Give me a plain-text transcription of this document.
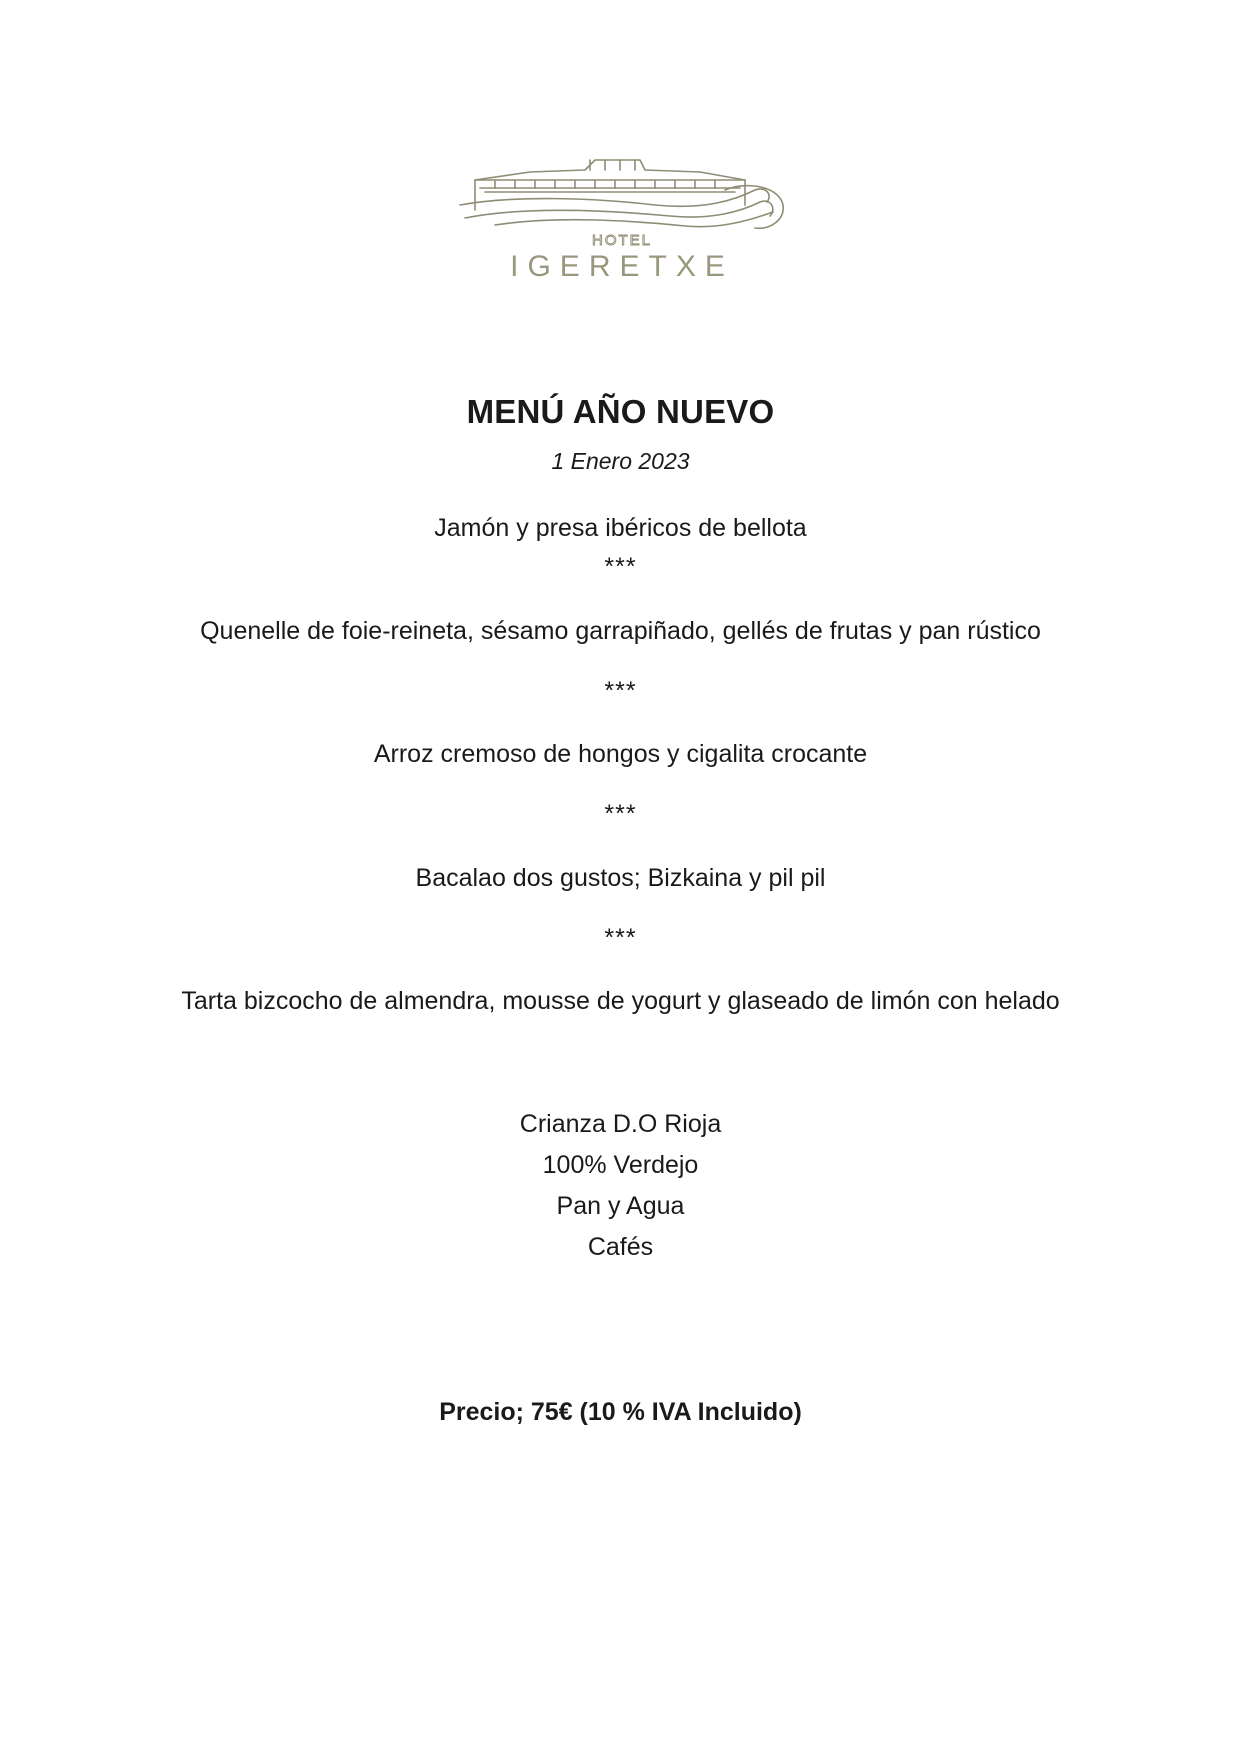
HOTEL
IGERETXE
MENÚ AÑO NUEVO
1 Enero 2023
Jamón y presa ibéricos de bellota
***
Quenelle de foie-reineta, sésamo garrapiñado, gellés de frutas y pan rústico
***
Arroz cremoso de hongos y cigalita crocante
***
Bacalao dos gustos; Bizkaina y pil pil
***
Tarta bizcocho de almendra, mousse de yogurt y glaseado de limón con helado
Crianza D.O Rioja
100% Verdejo
Pan y Agua
Cafés
Precio; 75€ (10 % IVA Incluido)
